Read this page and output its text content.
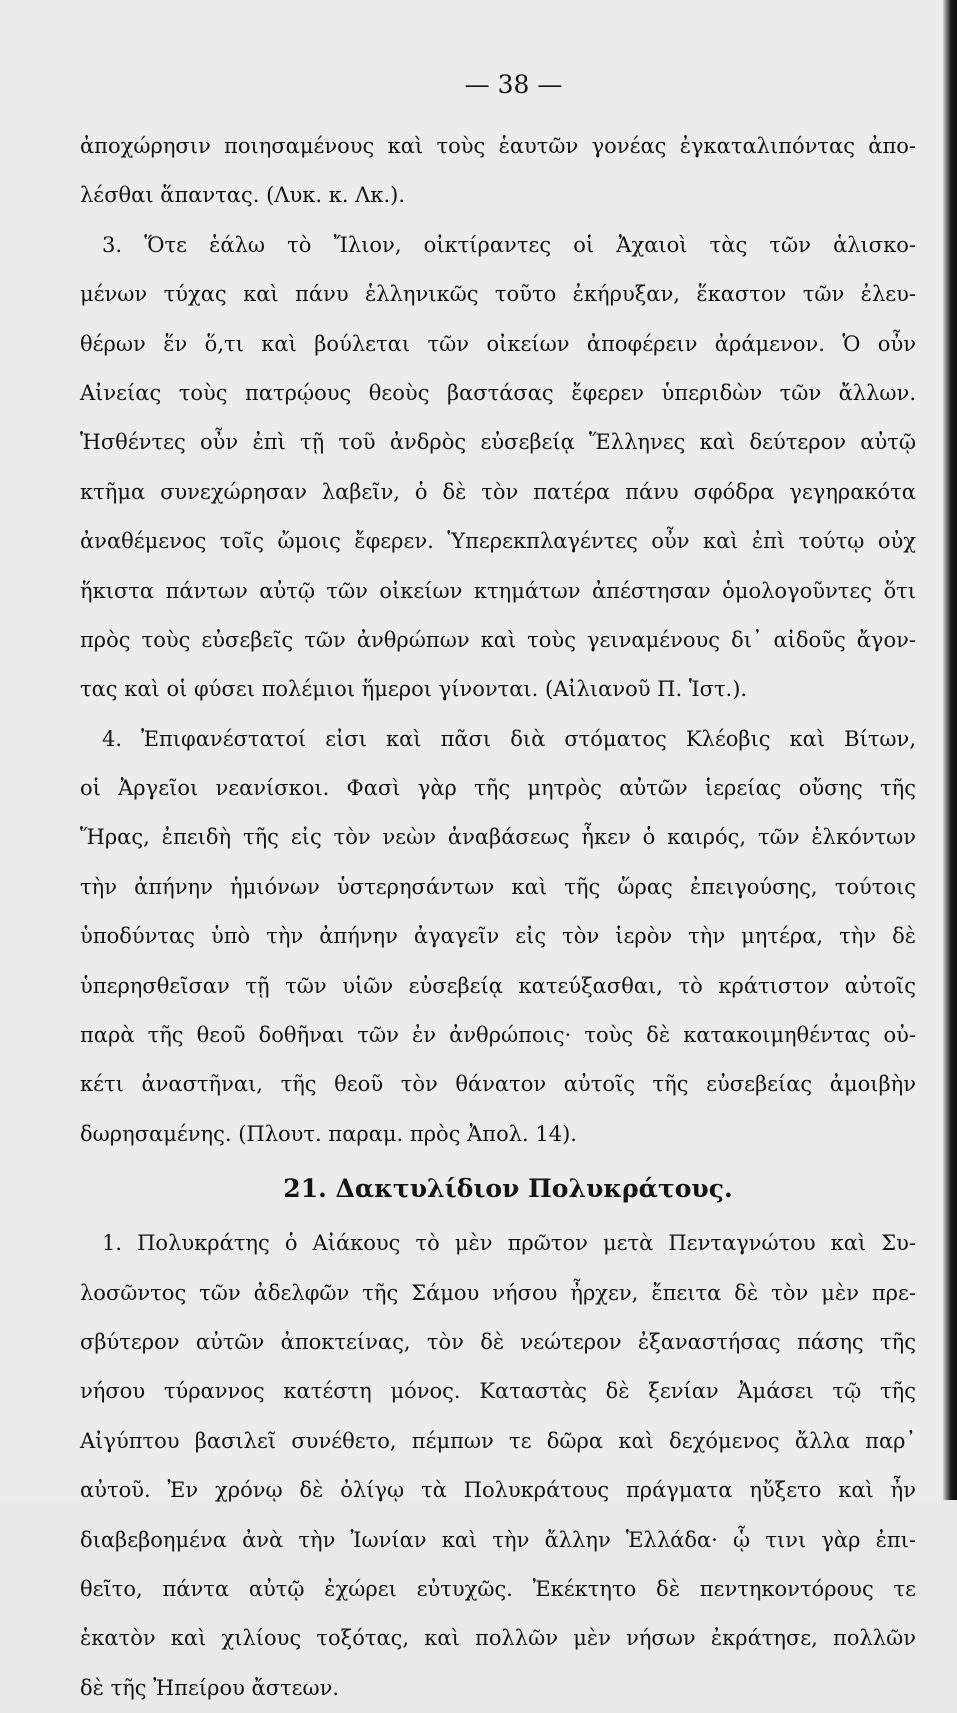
— 38 —
ἀποχώρησιν ποιησαμένους καὶ τοὺς ἑαυτῶν γονέας ἐγκαταλιπόντας ἀπο-
λέσθαι ἅπαντας. (Λυκ. κ. Λκ.).
3. Ὅτε ἑάλω τὸ Ἴλιον, οἰκτίραντες οἱ Ἀχαιοὶ τὰς τῶν ἁλισκο-
μένων τύχας καὶ πάνυ ἑλληνικῶς τοῦτο ἐκήρυξαν, ἕκαστον τῶν ἐλευ-
θέρων ἕν ὅ,τι καὶ βούλεται τῶν οἰκείων ἀποφέρειν ἀράμενον. Ὁ οὖν
Αἰνείας τοὺς πατρῴους θεοὺς βαστάσας ἔφερεν ὑπεριδὼν τῶν ἄλλων.
Ἡσθέντες οὖν ἐπὶ τῇ τοῦ ἀνδρὸς εὐσεβείᾳ Ἕλληνες καὶ δεύτερον αὐτῷ
κτῆμα συνεχώρησαν λαβεῖν, ὁ δὲ τὸν πατέρα πάνυ σφόδρα γεγηρακότα
ἀναθέμενος τοῖς ὤμοις ἔφερεν. Ὑπερεκπλαγέντες οὖν καὶ ἐπὶ τούτῳ οὐχ
ἥκιστα πάντων αὐτῷ τῶν οἰκείων κτημάτων ἀπέστησαν ὁμολογοῦντες ὅτι
πρὸς τοὺς εὐσεβεῖς τῶν ἀνθρώπων καὶ τοὺς γειναμένους δι᾽ αἰδοῦς ἄγον-
τας καὶ οἱ φύσει πολέμιοι ἥμεροι γίνονται. (Αἰλιανοῦ Π. Ἱστ.).
4. Ἐπιφανέστατοί εἰσι καὶ πᾶσι διὰ στόματος Κλέοβις καὶ Βίτων,
οἱ Ἀργεῖοι νεανίσκοι. Φασὶ γὰρ τῆς μητρὸς αὐτῶν ἱερείας οὔσης τῆς
Ἥρας, ἐπειδὴ τῆς εἰς τὸν νεὼν ἀναβάσεως ἧκεν ὁ καιρός, τῶν ἑλκόντων
τὴν ἀπήνην ἡμιόνων ὑστερησάντων καὶ τῆς ὥρας ἐπειγούσης, τούτοις
ὑποδύντας ὑπὸ τὴν ἀπήνην ἀγαγεῖν εἰς τὸν ἱερὸν τὴν μητέρα, τὴν δὲ
ὑπερησθεῖσαν τῇ τῶν υἱῶν εὐσεβείᾳ κατεύξασθαι, τὸ κράτιστον αὐτοῖς
παρὰ τῆς θεοῦ δοθῆναι τῶν ἐν ἀνθρώποις· τοὺς δὲ κατακοιμηθέντας οὐ-
κέτι ἀναστῆναι, τῆς θεοῦ τὸν θάνατον αὐτοῖς τῆς εὐσεβείας ἀμοιβὴν
δωρησαμένης. (Πλουτ. παραμ. πρὸς Ἀπολ. 14).
21. Δακτυλίδιον Πολυκράτους.
1. Πολυκράτης ὁ Αἰάκους τὸ μὲν πρῶτον μετὰ Πενταγνώτου καὶ Συ-
λοσῶντος τῶν ἀδελφῶν τῆς Σάμου νήσου ἦρχεν, ἔπειτα δὲ τὸν μὲν πρε-
σβύτερον αὐτῶν ἀποκτείνας, τὸν δὲ νεώτερον ἐξαναστήσας πάσης τῆς
νήσου τύραννος κατέστη μόνος. Καταστὰς δὲ ξενίαν Ἀμάσει τῷ τῆς
Αἰγύπτου βασιλεῖ συνέθετο, πέμπων τε δῶρα καὶ δεχόμενος ἄλλα παρ᾽
αὐτοῦ. Ἐν χρόνῳ δὲ ὀλίγῳ τὰ Πολυκράτους πράγματα ηὔξετο καὶ ἦν
διαβεβοημένα ἀνὰ τὴν Ἰωνίαν καὶ τὴν ἄλλην Ἑλλάδα· ᾧ τινι γὰρ ἐπι-
θεῖτο, πάντα αὐτῷ ἐχώρει εὐτυχῶς. Ἐκέκτητο δὲ πεντηκοντόρους τε
ἑκατὸν καὶ χιλίους τοξότας, καὶ πολλῶν μὲν νήσων ἐκράτησε, πολλῶν
δὲ τῆς Ἠπείρου ἄστεων.
